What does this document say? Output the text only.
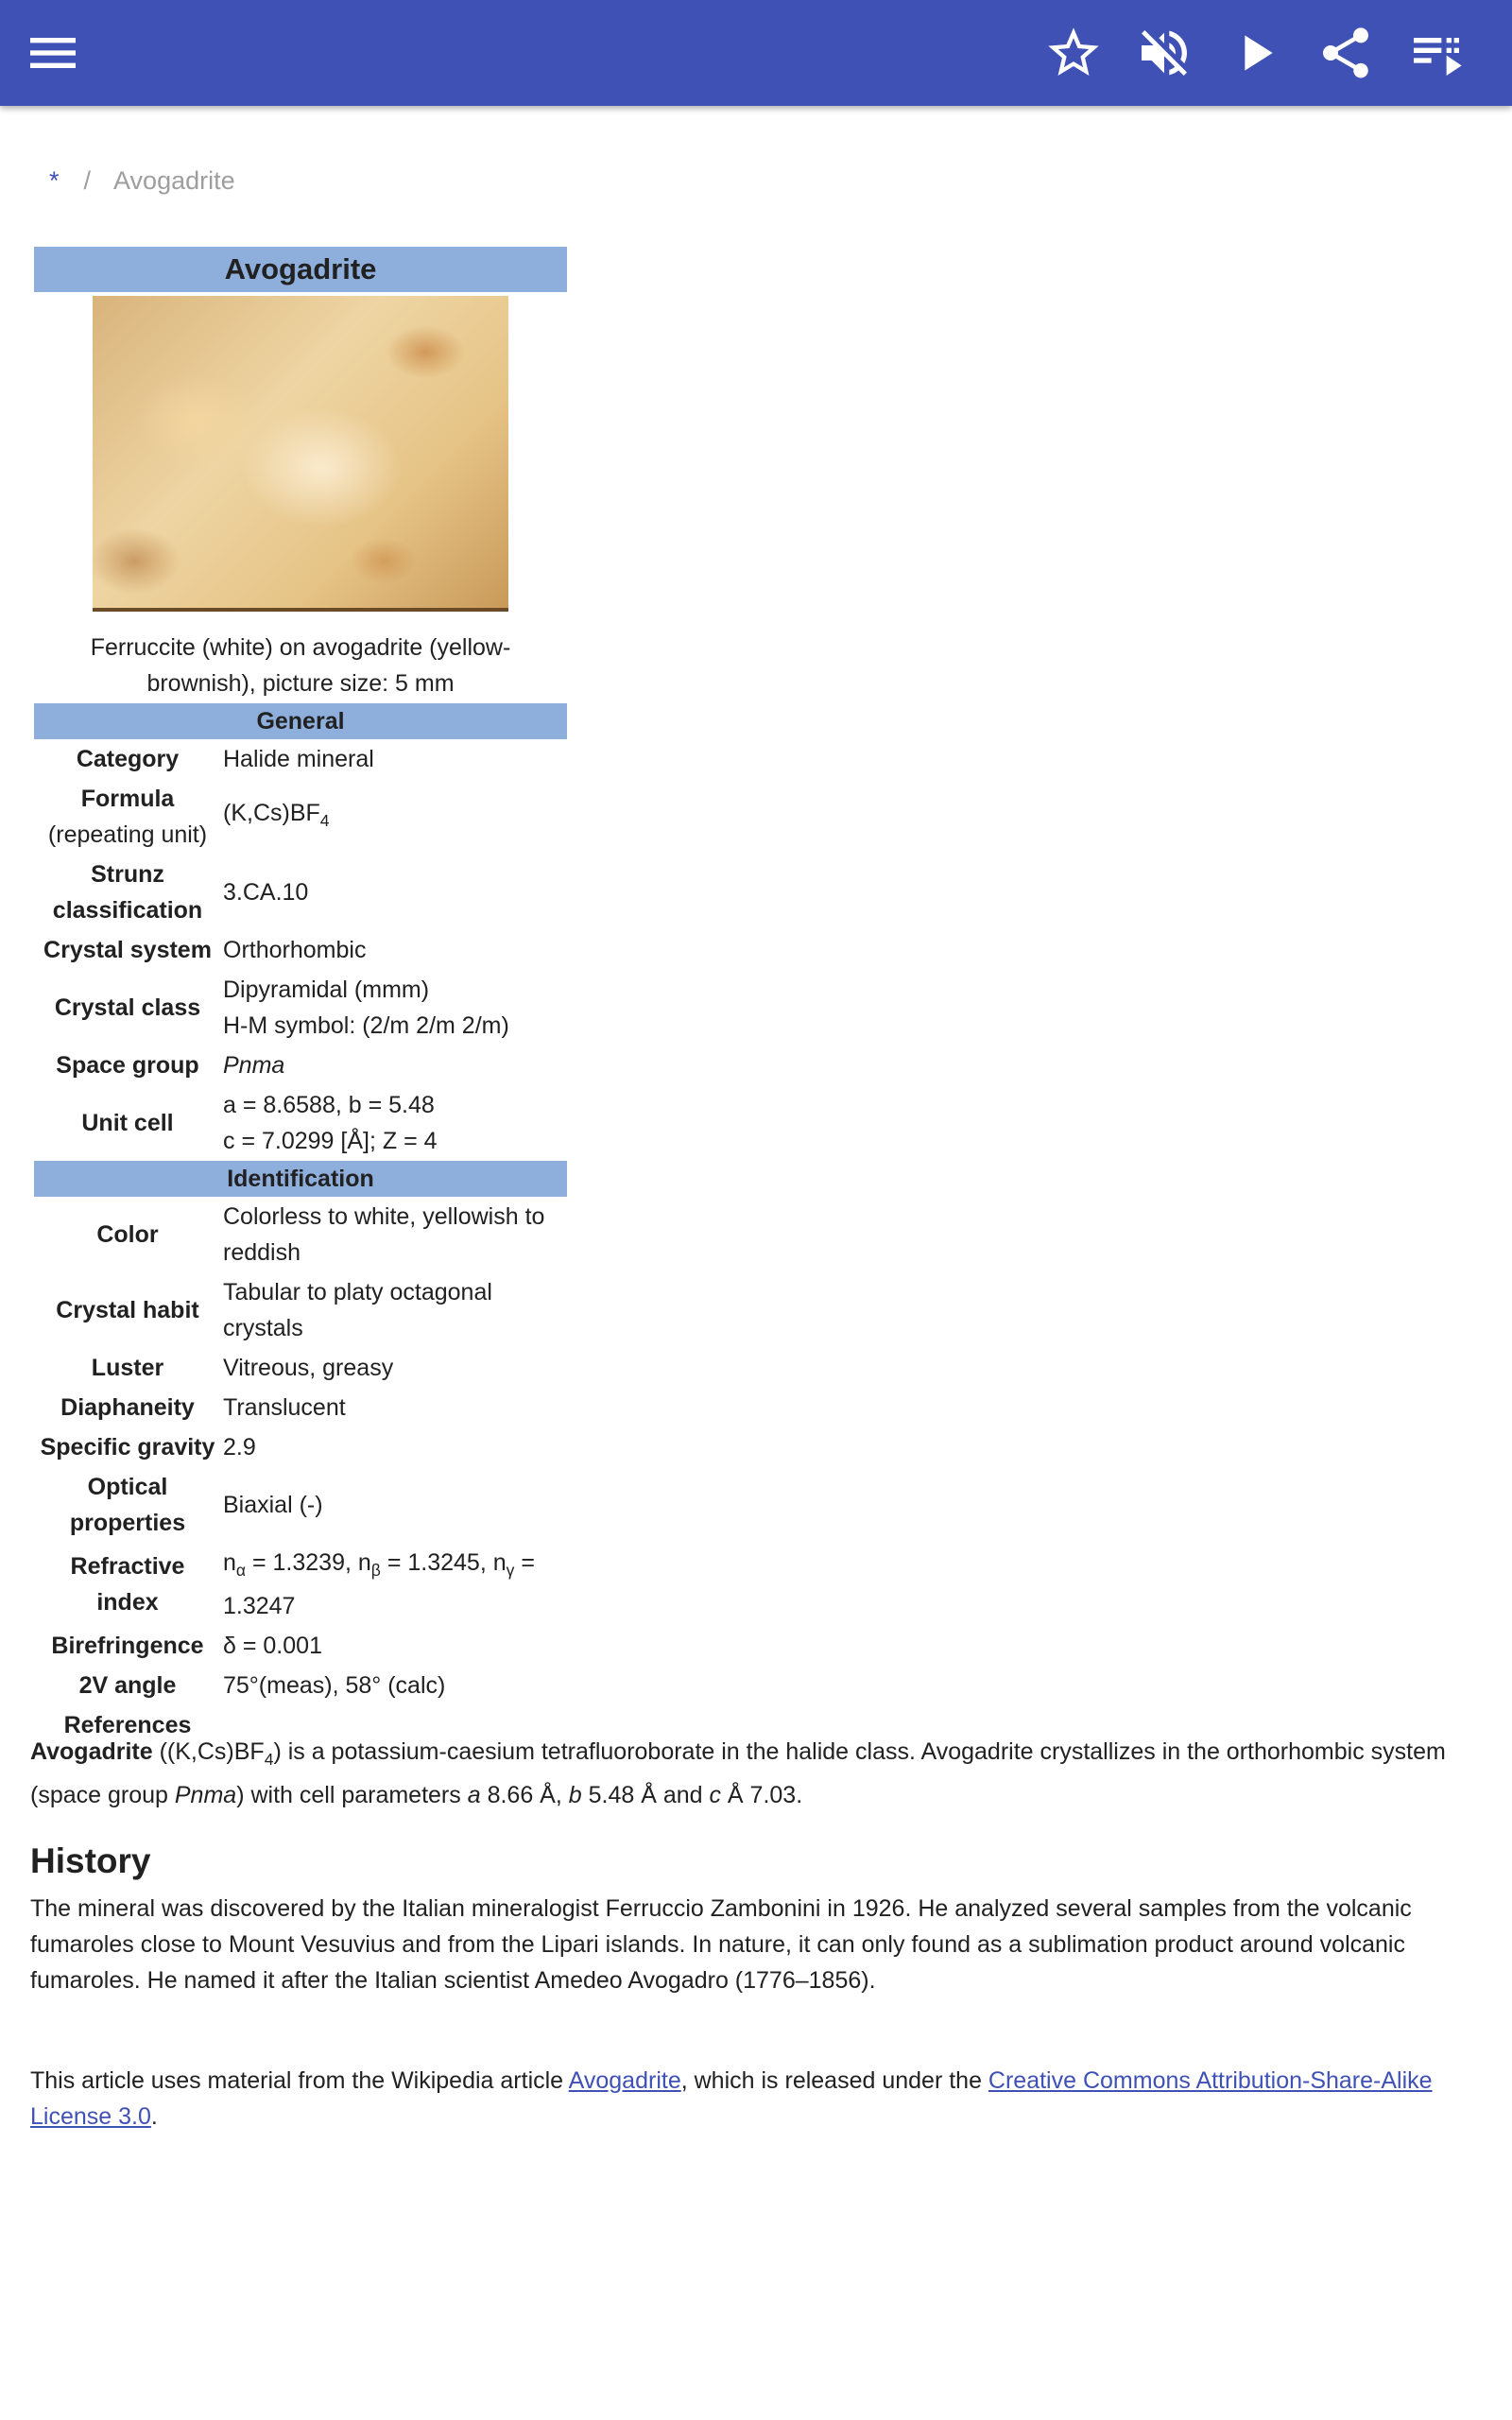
* / Avogadrite
Avogadrite	

Ferruccite (white) on avogadrite (yellow-brownish), picture size: 5 mm	

General	
Category	Halide mineral
Formula
(repeating unit)	$(K,Cs)BF_4$
Strunz
classification	3.CA.10
Crystal system	Orthorhombic
Crystal class	Dipyramidal (mmm)
H-M symbol: (2/m 2/m 2/m)
Space group	Pnma
Unit cell	a = 8.6588, b = 5.48
c = 7.0299 [Å]; Z = 4
Identification	
Color	Colorless to white, yellowish to reddish
Crystal habit	Tabular to platy octagonal crystals
Luster	Vitreous, greasy
Diaphaneity	Translucent
Specific gravity	2.9
Optical
properties	Biaxial (-)
Refractive index	$n_\alpha = 1.3239$, $n_\beta = 1.3245$, $n_\gamma = 1.3247$
Birefringence	δ = 0.001
2V angle	75°(meas), 58° (calc)
References	
Avogadrite $((K,Cs)BF_4)$ is a potassium-caesium tetrafluoroborate in the halide class. Avogadrite crystallizes in the orthorhombic system (space group Pnma) with cell parameters a 8.66 Å, b 5.48 Å and c Å 7.03.
History
The mineral was discovered by the Italian mineralogist Ferruccio Zambonini in 1926. He analyzed several samples from the volcanic fumaroles close to Mount Vesuvius and from the Lipari islands. In nature, it can only found as a sublimation product around volcanic fumaroles. He named it after the Italian scientist Amedeo Avogadro (1776–1856).
This article uses material from the Wikipedia article Avogadrite, which is released under the Creative Commons Attribution-Share-Alike License 3.0.
